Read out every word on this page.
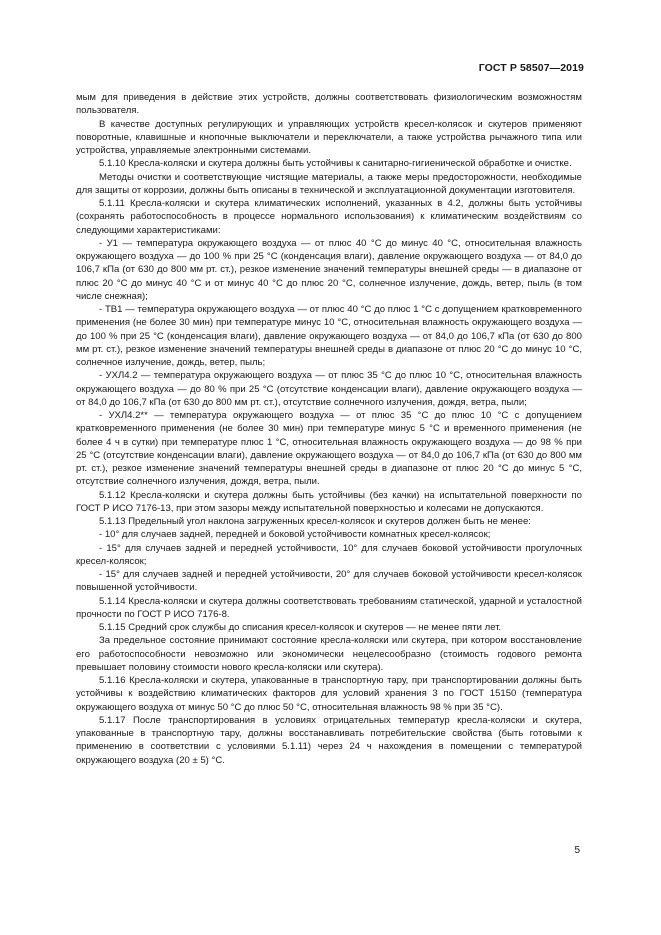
ГОСТ Р 58507—2019

мым для приведения в действие этих устройств, должны соответствовать физиологическим возможностям пользователя.

В качестве доступных регулирующих и управляющих устройств кресел-колясок и скутеров применяют поворотные, клавишные и кнопочные выключатели и переключатели, а также устройства рычажного типа или устройства, управляемые электронными системами.

5.1.10 Кресла-коляски и скутера должны быть устойчивы к санитарно-гигиенической обработке и очистке.

Методы очистки и соответствующие чистящие материалы, а также меры предосторожности, необходимые для защиты от коррозии, должны быть описаны в технической и эксплуатационной документации изготовителя.

5.1.11 Кресла-коляски и скутера климатических исполнений, указанных в 4.2, должны быть устойчивы (сохранять работоспособность в процессе нормального использования) к климатическим воздействиям со следующими характеристиками:

- У1 — температура окружающего воздуха — от плюс 40 °С до минус 40 °С, относительная влажность окружающего воздуха — до 100 % при 25 °С (конденсация влаги), давление окружающего воздуха — от 84,0 до 106,7 кПа (от 630 до 800 мм рт. ст.), резкое изменение значений температуры внешней среды — в диапазоне от плюс 20 °С до минус 40 °С и от минус 40 °С до плюс 20 °С, солнечное излучение, дождь, ветер, пыль (в том числе снежная);

- ТВ1 — температура окружающего воздуха — от плюс 40 °С до плюс 1 °С с допущением кратковременного применения (не более 30 мин) при температуре минус 10 °С, относительная влажность окружающего воздуха — до 100 % при 25 °С (конденсация влаги), давление окружающего воздуха — от 84,0 до 106,7 кПа (от 630 до 800 мм рт. ст.), резкое изменение значений температуры внешней среды в диапазоне от плюс 20 °С до минус 10 °С, солнечное излучение, дождь, ветер, пыль;

- УХЛ4.2 — температура окружающего воздуха — от плюс 35 °С до плюс 10 °С, относительная влажность окружающего воздуха — до 80 % при 25 °С (отсутствие конденсации влаги), давление окружающего воздуха — от 84,0 до 106,7 кПа (от 630 до 800 мм рт. ст.), отсутствие солнечного излучения, дождя, ветра, пыли;

- УХЛ4.2** — температура окружающего воздуха — от плюс 35 °С до плюс 10 °С с допущением кратковременного применения (не более 30 мин) при температуре минус 5 °С и временного применения (не более 4 ч в сутки) при температуре плюс 1 °С, относительная влажность окружающего воздуха — до 98 % при 25 °С (отсутствие конденсации влаги), давление окружающего воздуха — от 84,0 до 106,7 кПа (от 630 до 800 мм рт. ст.), резкое изменение значений температуры внешней среды в диапазоне от плюс 20 °С до минус 5 °С, отсутствие солнечного излучения, дождя, ветра, пыли.

5.1.12 Кресла-коляски и скутера должны быть устойчивы (без качки) на испытательной поверхности по ГОСТ Р ИСО 7176-13, при этом зазоры между испытательной поверхностью и колесами не допускаются.

5.1.13 Предельный угол наклона загруженных кресел-колясок и скутеров должен быть не менее:

- 10° для случаев задней, передней и боковой устойчивости комнатных кресел-колясок;

- 15° для случаев задней и передней устойчивости, 10° для случаев боковой устойчивости прогулочных кресел-колясок;

- 15° для случаев задней и передней устойчивости, 20° для случаев боковой устойчивости кресел-колясок повышенной устойчивости.

5.1.14 Кресла-коляски и скутера должны соответствовать требованиям статической, ударной и усталостной прочности по ГОСТ Р ИСО 7176-8.

5.1.15 Средний срок службы до списания кресел-колясок и скутеров — не менее пяти лет.

За предельное состояние принимают состояние кресла-коляски или скутера, при котором восстановление его работоспособности невозможно или экономически нецелесообразно (стоимость годового ремонта превышает половину стоимости нового кресла-коляски или скутера).

5.1.16 Кресла-коляски и скутера, упакованные в транспортную тару, при транспортировании должны быть устойчивы к воздействию климатических факторов для условий хранения 3 по ГОСТ 15150 (температура окружающего воздуха от минус 50 °С до плюс 50 °С, относительная влажность 98 % при 35 °С).

5.1.17 После транспортирования в условиях отрицательных температур кресла-коляски и скутера, упакованные в транспортную тару, должны восстанавливать потребительские свойства (быть готовыми к применению в соответствии с условиями 5.1.11) через 24 ч нахождения в помещении с температурой окружающего воздуха (20 ± 5) °С.

5
